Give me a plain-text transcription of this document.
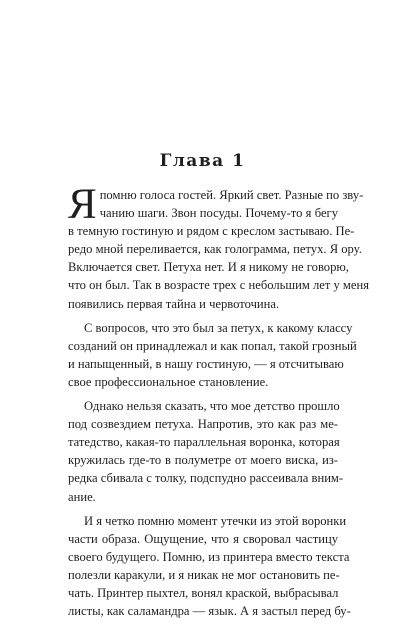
Глава 1
Я помню голоса гостей. Яркий свет. Разные по зву-
чанию шаги. Звон посуды. Почему-то я бегу
в темную гостиную и рядом с креслом застываю. Пе-
редо мной переливается, как голограмма, петух. Я ору.
Включается свет. Петуха нет. И я никому не говорю,
что он был. Так в возрасте трех с небольшим лет у меня
появились первая тайна и червоточина.
С вопросов, что это был за петух, к какому классу
созданий он принадлежал и как попал, такой грозный
и напыщенный, в нашу гостиную, — я отсчитываю
свое профессиональное становление.
Однако нельзя сказать, что мое детство прошло
под созвездием петуха. Напротив, это как раз ме-
татедство, какая-то параллельная воронка, которая
кружилась где-то в полуметре от моего виска, из-
редка сбивала с толку, подспудно рассеивала вним-
ание.
И я четко помню момент утечки из этой воронки
части образа. Ощущение, что я своровал частицу
своего будущего. Помню, из принтера вместо текста
полезли каракули, и я никак не мог остановить пе-
чать. Принтер пыхтел, вонял краской, выбрасывал
листы, как саламандра — язык. А я застыл перед бу-
